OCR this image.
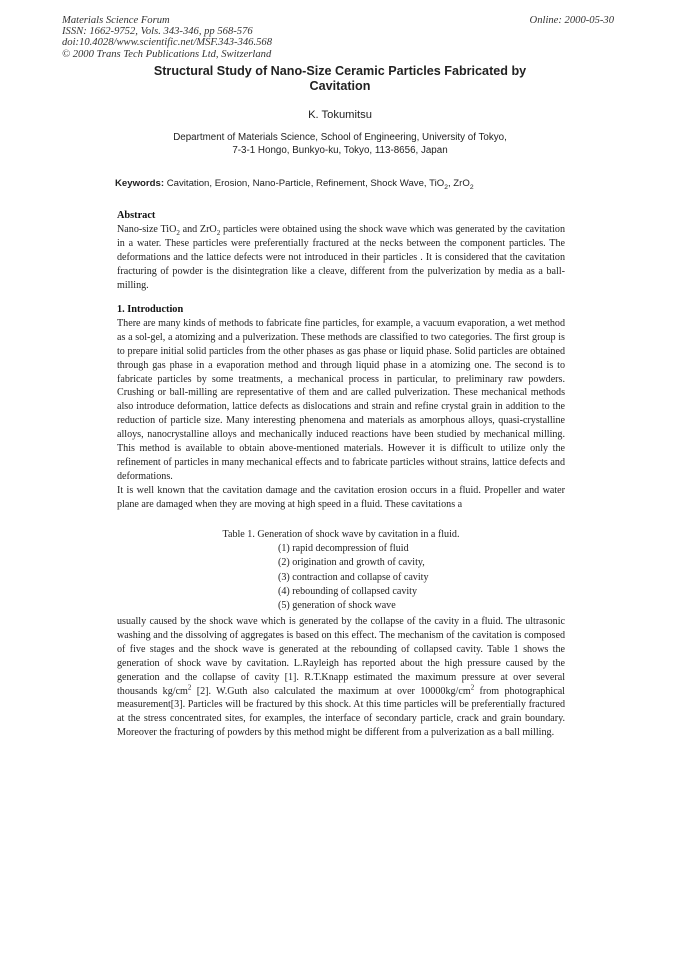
Materials Science Forum
ISSN: 1662-9752, Vols. 343-346, pp 568-576
doi:10.4028/www.scientific.net/MSF.343-346.568
© 2000 Trans Tech Publications Ltd, Switzerland
Online: 2000-05-30
Structural Study of Nano-Size Ceramic Particles Fabricated by
Cavitation
K. Tokumitsu
Department of Materials Science, School of Engineering, University of Tokyo,
7-3-1 Hongo, Bunkyo-ku, Tokyo, 113-8656, Japan
Keywords: Cavitation, Erosion, Nano-Particle, Refinement, Shock Wave, TiO$_2$, ZrO$_2$
Abstract

Nano-size TiO$_2$ and ZrO$_2$ particles were obtained using the shock wave which was generated by the cavitation in a water. These particles were preferentially fractured at the necks between the component particles. The deformations and the lattice defects were not introduced in their particles . It is considered that the cavitation fracturing of powder is the disintegration like a cleave, different from the pulverization by media as a ball-milling.

1. Introduction

There are many kinds of methods to fabricate fine particles, for example, a vacuum evaporation, a wet method as a sol-gel, a atomizing and a pulverization. These methods are classified to two categories. The first group is to prepare initial solid particles from the other phases as gas phase or liquid phase. Solid particles are obtained through gas phase in a evaporation method and through liquid phase in a atomizing one. The second is to fabricate particles by some treatments, a mechanical process in particular, to preliminary raw powders. Crushing or ball-milling are representative of them and are called pulverization. These mechanical methods also introduce deformation, lattice defects as dislocations and strain and refine crystal grain in addition to the reduction of particle size. Many interesting phenomena and materials as amorphous alloys, quasi-crystalline alloys, nanocrystalline alloys and mechanically induced reactions have been studied by mechanical milling. This method is available to obtain above-mentioned materials. However it is difficult to utilize only the refinement of particles in many mechanical effects and to fabricate particles without strains, lattice defects and deformations.

It is well known that the cavitation damage and the cavitation erosion occurs in a fluid. Propeller and water plane are damaged when they are moving at high speed in a fluid. These cavitations a

Table 1. Generation of shock wave by cavitation in a fluid.
(1) rapid decompression of fluid
(2) origination and growth of cavity,
(3) contraction and collapse of cavity
(4) rebounding of collapsed cavity
(5) generation of shock wave

usually caused by the shock wave which is generated by the collapse of the cavity in a fluid. The ultrasonic washing and the dissolving of aggregates is based on this effect. The mechanism of the cavitation is composed of five stages and the shock wave is generated at the rebounding of collapsed cavity. Table 1 shows the generation of shock wave by cavitation. L.Rayleigh has reported about the high pressure caused by the generation and the collapse of cavity [1]. R.T.Knapp estimated the maximum pressure at over several thousands $kg/cm^2$ [2]. W.Guth also calculated the maximum at over $10000kg/cm^2$ from photographical measurement[3]. Particles will be fractured by this shock. At this time particles will be preferentially fractured at the stress concentrated sites, for examples, the interface of secondary particle, crack and grain boundary. Moreover the fracturing of powders by this method might be different from a pulverization as a ball milling.
